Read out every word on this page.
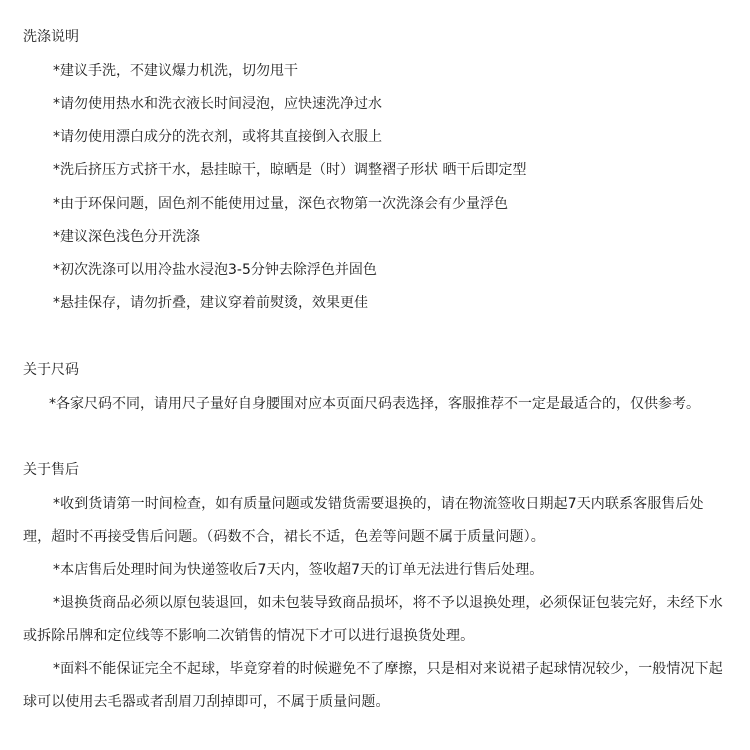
洗涤说明
*建议手洗，不建议爆力机洗，切勿甩干
*请勿使用热水和洗衣液长时间浸泡，应快速洗净过水
*请勿使用漂白成分的洗衣剂，或将其直接倒入衣服上
*洗后挤压方式挤干水，悬挂晾干，晾晒是（时）调整褶子形状 晒干后即定型
*由于环保问题，固色剂不能使用过量，深色衣物第一次洗涤会有少量浮色
*建议深色浅色分开洗涤
*初次洗涤可以用冷盐水浸泡3-5分钟去除浮色并固色
*悬挂保存，请勿折叠，建议穿着前熨烫，效果更佳
关于尺码
*各家尺码不同，请用尺子量好自身腰围对应本页面尺码表选择，客服推荐不一定是最适合的，仅供参考。
关于售后
*收到货请第一时间检查，如有质量问题或发错货需要退换的，请在物流签收日期起7天内联系客服售后处理，超时不再接受售后问题。（码数不合，裙长不适，色差等问题不属于质量问题）。
*本店售后处理时间为快递签收后7天内，签收超7天的订单无法进行售后处理。
*退换货商品必须以原包装退回，如未包装导致商品损坏，将不予以退换处理，必须保证包装完好，未经下水或拆除吊牌和定位线等不影响二次销售的情况下才可以进行退换货处理。
*面料不能保证完全不起球，毕竟穿着的时候避免不了摩擦，只是相对来说裙子起球情况较少，一般情况下起球可以使用去毛器或者刮眉刀刮掉即可，不属于质量问题。
